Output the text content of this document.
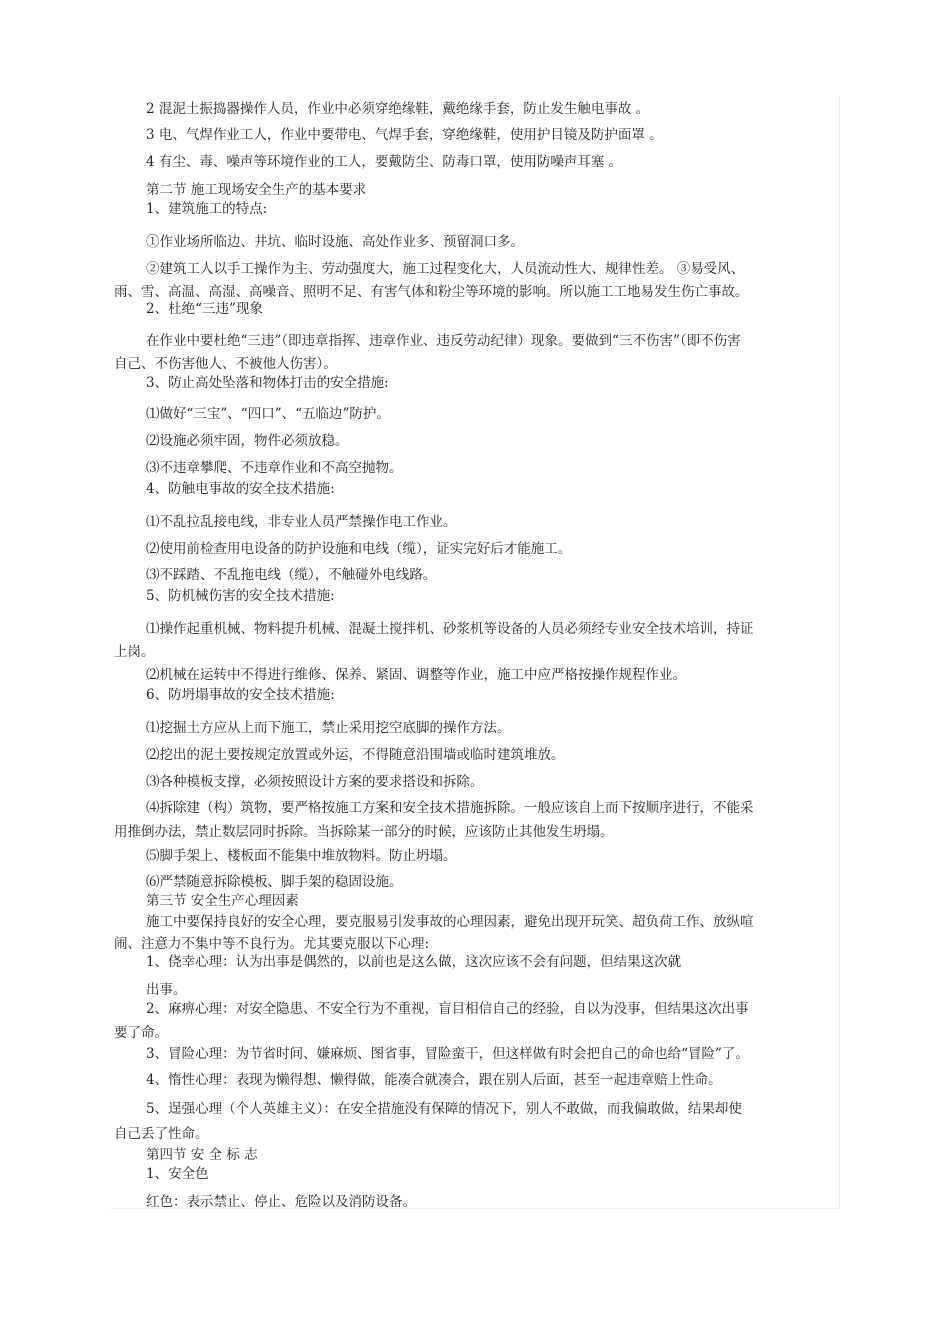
2 混泥土振捣器操作人员，作业中必须穿绝缘鞋，戴绝缘手套，防止发生触电事故 。
3 电、气焊作业工人，作业中要带电、气焊手套，穿绝缘鞋，使用护目镜及防护面罩 。
4 有尘、毒、噪声等环境作业的工人，要戴防尘、防毒口罩，使用防噪声耳塞 。
第二节 施工现场安全生产的基本要求
1、建筑施工的特点:
①作业场所临边、井坑、临时设施、高处作业多、预留洞口多。
②建筑工人以手工操作为主、劳动强度大，施工过程变化大，人员流动性大、规律性差。 ③易受风、
雨、雪、高温、高湿、高噪音、照明不足、有害气体和粉尘等环境的影响。所以施工工地易发生伤亡事故。
2、杜绝“三违”现象
在作业中要杜绝“三违”（即违章指挥、违章作业、违反劳动纪律）现象。要做到“三不伤害”（即不伤害
自己、不伤害他人、不被他人伤害）。
3、防止高处坠落和物体打击的安全措施:
⑴做好“三宝”、“四口”、“五临边”防护。
⑵设施必须牢固，物件必须放稳。
⑶不违章攀爬、不违章作业和不高空抛物。
4、防触电事故的安全技术措施:
⑴不乱拉乱接电线，非专业人员严禁操作电工作业。
⑵使用前检查用电设备的防护设施和电线（缆），证实完好后才能施工。
⑶不踩踏、不乱拖电线（缆），不触碰外电线路。
5、防机械伤害的安全技术措施:
⑴操作起重机械、物料提升机械、混凝土搅拌机、砂浆机等设备的人员必须经专业安全技术培训，持证
上岗。
⑵机械在运转中不得进行维修、保养、紧固、调整等作业，施工中应严格按操作规程作业。
6、防坍塌事故的安全技术措施:
⑴挖掘土方应从上而下施工，禁止采用挖空底脚的操作方法。
⑵挖出的泥土要按规定放置或外运，不得随意沿围墙或临时建筑堆放。
⑶各种模板支撑，必须按照设计方案的要求搭设和拆除。
⑷拆除建（构）筑物，要严格按施工方案和安全技术措施拆除。一般应该自上而下按顺序进行，不能采
用推倒办法，禁止数层同时拆除。当拆除某一部分的时候，应该防止其他发生坍塌。
⑸脚手架上、楼板面不能集中堆放物料。防止坍塌。
⑹严禁随意拆除模板、脚手架的稳固设施。
第三节 安全生产心理因素
施工中要保持良好的安全心理，要克服易引发事故的心理因素，避免出现开玩笑、超负荷工作、放纵喧
闹、注意力不集中等不良行为。尤其要克服以下心理:
1、侥幸心理：认为出事是偶然的，以前也是这么做，这次应该不会有问题，但结果这次就
出事。
2、麻痹心理：对安全隐患、不安全行为不重视，盲目相信自己的经验，自以为没事，但结果这次出事
要了命。
3、冒险心理：为节省时间、嫌麻烦、图省事，冒险蛮干，但这样做有时会把自己的命也给“冒险”了。
4、惰性心理：表现为懒得想、懒得做，能凑合就凑合，跟在别人后面，甚至一起违章赔上性命。
5、逞强心理（个人英雄主义）：在安全措施没有保障的情况下，别人不敢做，而我偏敢做，结果却使
自己丢了性命。
第四节 安 全 标 志
1、安全色
红色：表示禁止、停止、危险以及消防设备。
